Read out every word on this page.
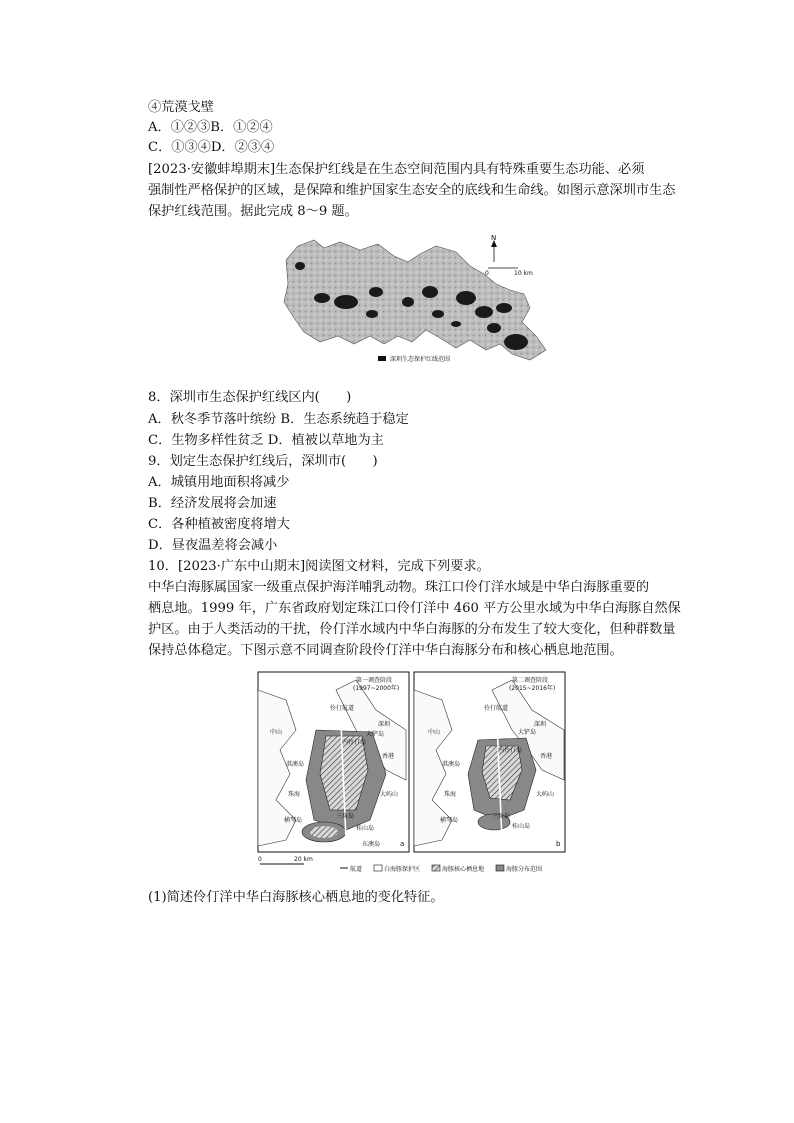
④荒漠戈壁
A．①②③B．①②④
C．①③④D．②③④
[2023·安徽蚌埠期末]生态保护红线是在生态空间范围内具有特殊重要生态功能、必须
强制性严格保护的区域，是保障和维护国家生态安全的底线和生命线。如图示意深圳市生态
保护红线范围。据此完成 8～9 题。
N
0	10 km
深圳生态保护红线范围
8．深圳市生态保护红线区内(　　)
A．秋冬季节落叶缤纷 B．生态系统趋于稳定
C．生物多样性贫乏 D．植被以草地为主
9．划定生态保护红线后，深圳市(　　)
A．城镇用地面积将减少
B．经济发展将会加速
C．各种植被密度将增大
D．昼夜温差将会减小
10．[2023·广东中山期末]阅读图文材料，完成下列要求。
中华白海豚属国家一级重点保护海洋哺乳动物。珠江口伶仃洋水域是中华白海豚重要的
栖息地。1999 年，广东省政府划定珠江口伶仃洋中 460 平方公里水域为中华白海豚自然保
护区。由于人类活动的干扰，伶仃洋水域内中华白海豚的分布发生了较大变化，但种群数量
保持总体稳定。下图示意不同调查阶段伶仃洋中华白海豚分布和核心栖息地范围。
第一调查阶段
(1997~2000年)
中山
深圳
大铲岛
香港
淇澳岛
珠海	大屿山
三角岛
桂山岛
横琴岛
内伶仃岛
伶仃航道
a
第二调查阶段
(2015~2016年)
中山
深圳
大铲岛
香港
淇澳岛
珠海	大屿山
三角岛
桂山岛
横琴岛
内伶仃岛
伶仃航道
b
东澳岛
0	20 km
航道	白海豚保护区	海豚核心栖息地	海豚分布范围
(1)简述伶仃洋中华白海豚核心栖息地的变化特征。
